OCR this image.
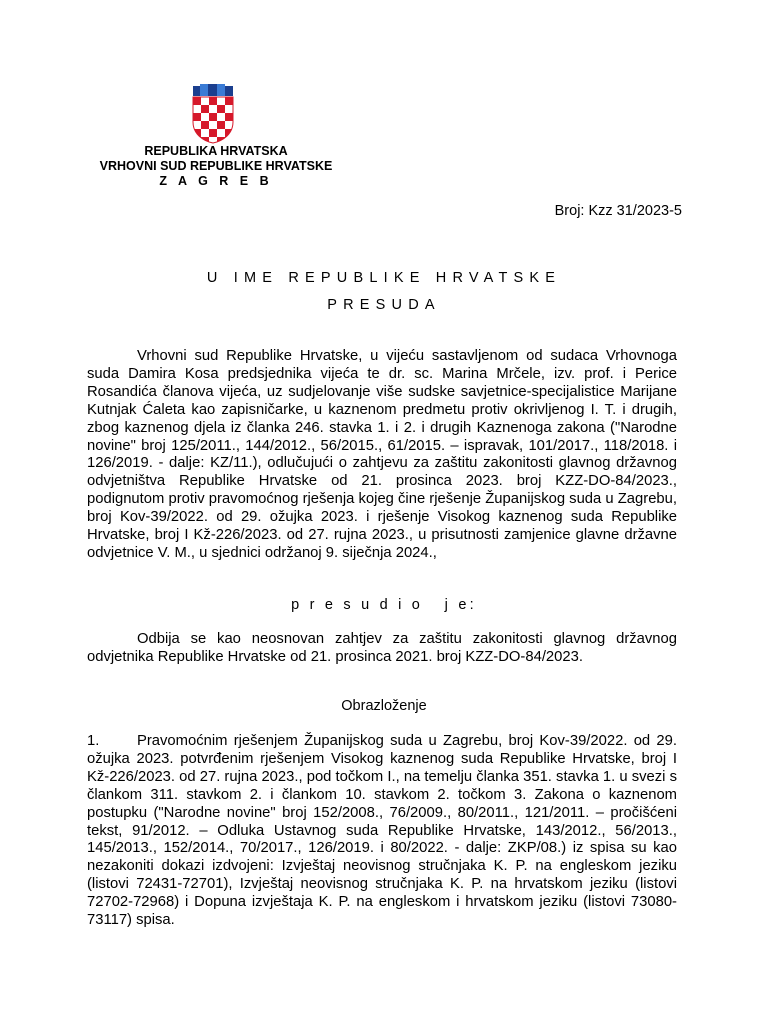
REPUBLIKA HRVATSKA
VRHOVNI SUD REPUBLIKE HRVATSKE
Z A G R E B
Broj: Kzz 31/2023-5
U IME REPUBLIKE HRVATSKE
PRESUDA
Vrhovni sud Republike Hrvatske, u vijeću sastavljenom od sudaca Vrhovnoga suda Damira Kosa predsjednika vijeća te dr. sc. Marina Mrčele, izv. prof. i Perice Rosandića članova vijeća, uz sudjelovanje više sudske savjetnice-specijalistice Marijane Kutnjak Ćaleta kao zapisničarke, u kaznenom predmetu protiv okrivljenog I. T. i drugih, zbog kaznenog djela iz članka 246. stavka 1. i 2. i drugih Kaznenoga zakona ("Narodne novine" broj 125/2011., 144/2012., 56/2015., 61/2015. – ispravak, 101/2017., 118/2018. i 126/2019. - dalje: KZ/11.), odlučujući o zahtjevu za zaštitu zakonitosti glavnog državnog odvjetništva Republike Hrvatske od 21. prosinca 2023. broj KZZ-DO-84/2023., podignutom protiv pravomoćnog rješenja kojeg čine rješenje Županijskog suda u Zagrebu, broj Kov-39/2022. od 29. ožujka 2023. i rješenje Visokog kaznenog suda Republike Hrvatske, broj I Kž-226/2023. od 27. rujna 2023., u prisutnosti zamjenice glavne državne odvjetnice V. M., u sjednici održanoj 9. siječnja 2024.,
p r e s u d i o   j e:
Odbija se kao neosnovan zahtjev za zaštitu zakonitosti glavnog državnog odvjetnika Republike Hrvatske od 21. prosinca 2021. broj KZZ-DO-84/2023.
Obrazloženje
1.	Pravomoćnim rješenjem Županijskog suda u Zagrebu, broj Kov-39/2022. od 29. ožujka 2023. potvrđenim rješenjem Visokog kaznenog suda Republike Hrvatske, broj I Kž-226/2023. od 27. rujna 2023., pod točkom I., na temelju članka 351. stavka 1. u svezi s člankom 311. stavkom 2. i člankom 10. stavkom 2. točkom 3. Zakona o kaznenom postupku ("Narodne novine" broj 152/2008., 76/2009., 80/2011., 121/2011. – pročišćeni tekst, 91/2012. – Odluka Ustavnog suda Republike Hrvatske, 143/2012., 56/2013., 145/2013., 152/2014., 70/2017., 126/2019. i 80/2022. - dalje: ZKP/08.) iz spisa su kao nezakoniti dokazi izdvojeni: Izvještaj neovisnog stručnjaka K. P. na engleskom jeziku (listovi 72431-72701), Izvještaj neovisnog stručnjaka K. P. na hrvatskom jeziku (listovi 72702-72968) i Dopuna izvještaja K. P. na engleskom i hrvatskom jeziku (listovi 73080-73117) spisa.
